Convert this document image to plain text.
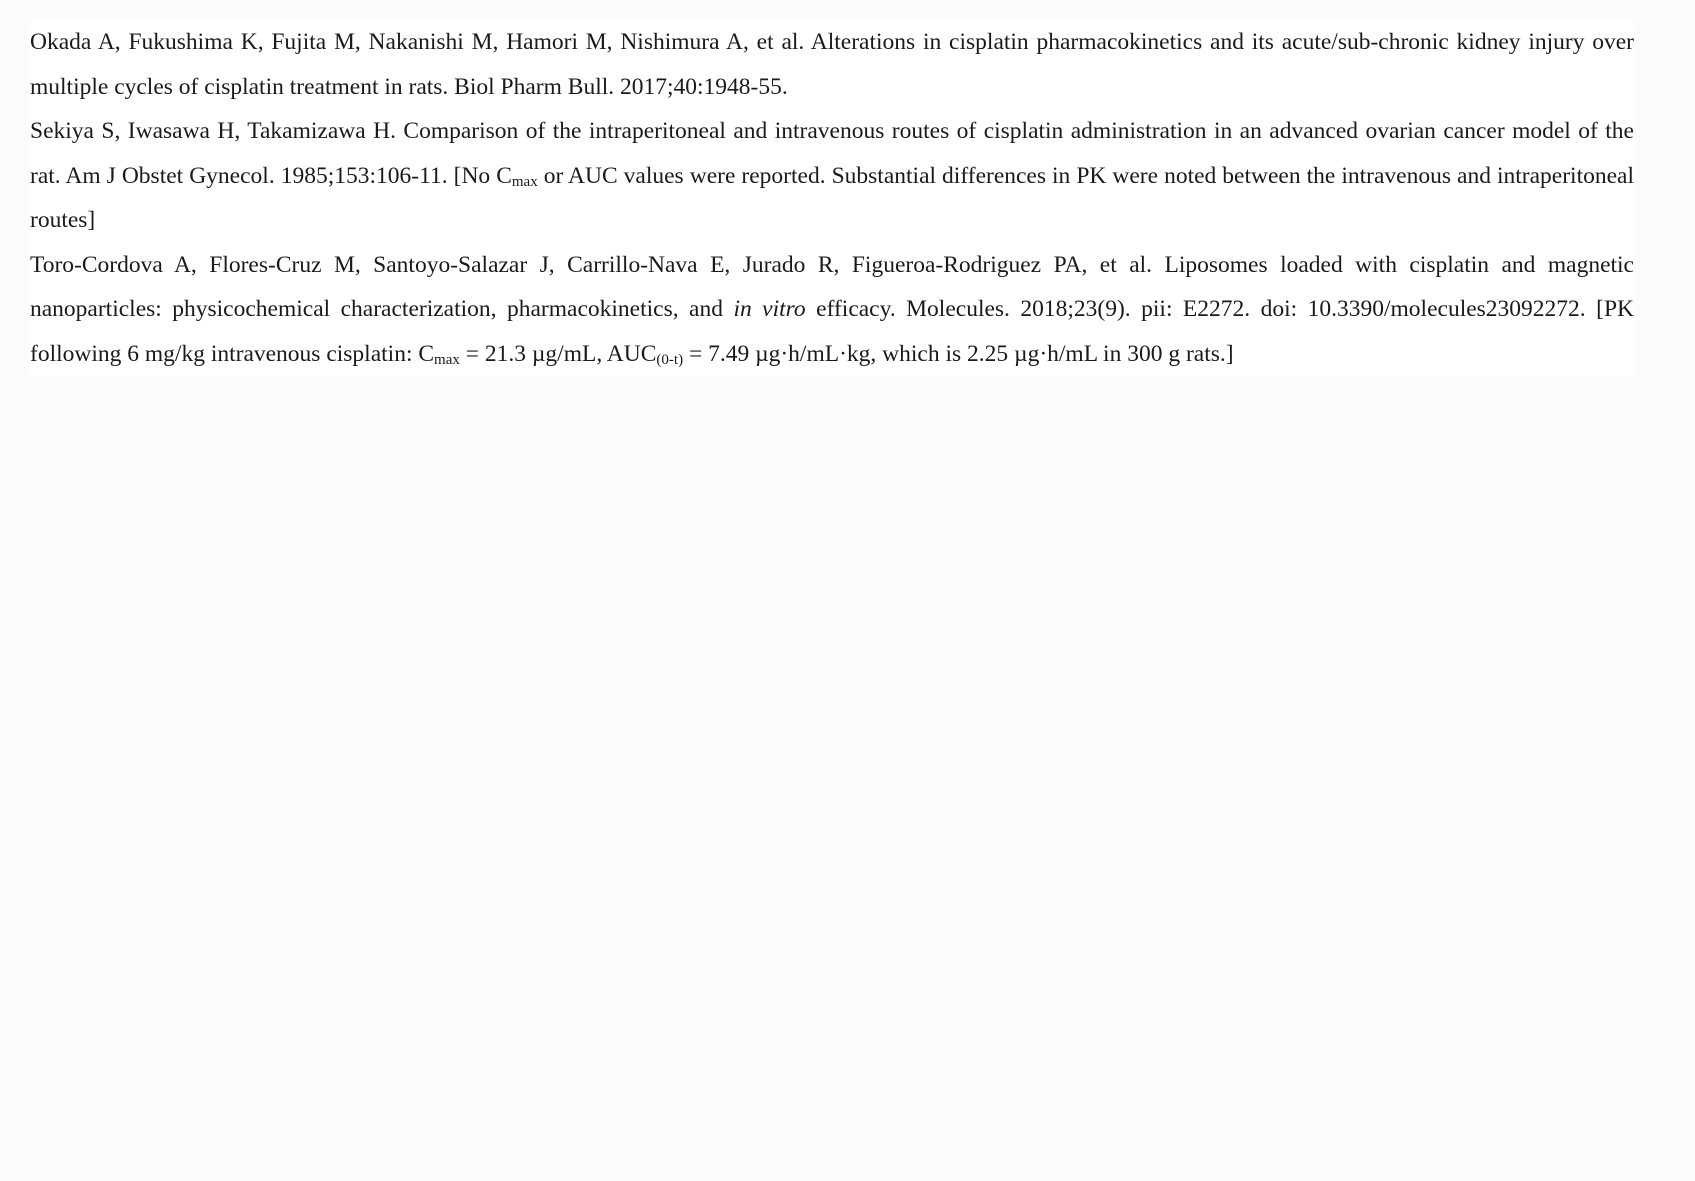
Okada A, Fukushima K, Fujita M, Nakanishi M, Hamori M, Nishimura A, et al. Alterations in cisplatin pharmacokinetics and its acute/sub-chronic kidney injury over multiple cycles of cisplatin treatment in rats. Biol Pharm Bull. 2017;40:1948-55.

Sekiya S, Iwasawa H, Takamizawa H. Comparison of the intraperitoneal and intravenous routes of cisplatin administration in an advanced ovarian cancer model of the rat. Am J Obstet Gynecol. 1985;153:106-11. [No $C_{max}$ or AUC values were reported. Substantial differences in PK were noted between the intravenous and intraperitoneal routes]

Toro-Cordova A, Flores-Cruz M, Santoyo-Salazar J, Carrillo-Nava E, Jurado R, Figueroa-Rodriguez PA, et al. Liposomes loaded with cisplatin and magnetic nanoparticles: physicochemical characterization, pharmacokinetics, and in vitro efficacy. Molecules. 2018;23(9). pii: E2272. doi: 10.3390/molecules23092272. [PK following 6 mg/kg intravenous cisplatin: $C_{max} = 21.3$ µg/mL, $AUC_{(0-t)} = 7.49$ µg·h/mL·kg, which is 2.25 µg·h/mL in 300 g rats.]
